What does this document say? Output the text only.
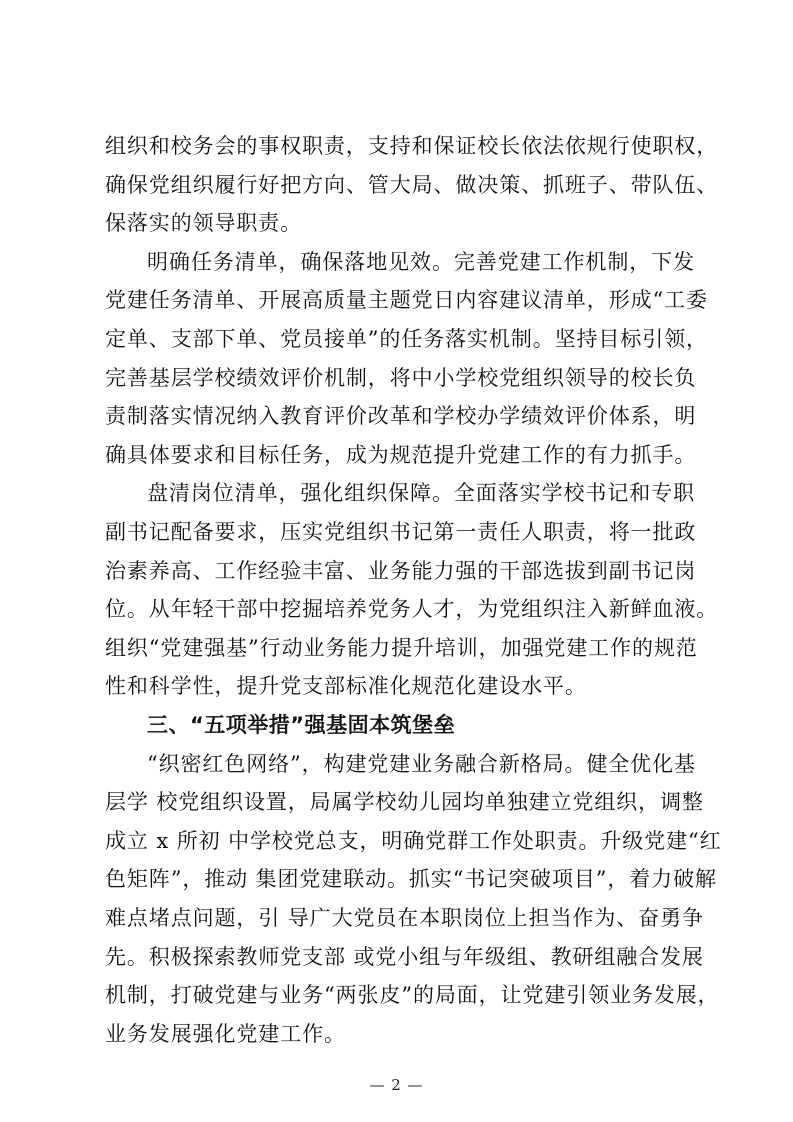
组织和校务会的事权职责，支持和保证校长依法依规行使职权，
确保党组织履行好把方向、管大局、做决策、抓班子、带队伍、
保落实的领导职责。
明确任务清单，确保落地见效。完善党建工作机制，下发
党建任务清单、开展高质量主题党日内容建议清单，形成“工委
定单、支部下单、党员接单”的任务落实机制。坚持目标引领，
完善基层学校绩效评价机制，将中小学校党组织领导的校长负
责制落实情况纳入教育评价改革和学校办学绩效评价体系，明
确具体要求和目标任务，成为规范提升党建工作的有力抓手。
盘清岗位清单，强化组织保障。全面落实学校书记和专职
副书记配备要求，压实党组织书记第一责任人职责，将一批政
治素养高、工作经验丰富、业务能力强的干部选拔到副书记岗
位。从年轻干部中挖掘培养党务人才，为党组织注入新鲜血液。
组织“党建强基”行动业务能力提升培训，加强党建工作的规范
性和科学性，提升党支部标准化规范化建设水平。
三、“五项举措”强基固本筑堡垒
“织密红色网络”，构建党建业务融合新格局。健全优化基
层学 校党组织设置，局属学校幼儿园均单独建立党组织，调整
成立 x 所初 中学校党总支，明确党群工作处职责。升级党建“红
色矩阵”，推动 集团党建联动。抓实“书记突破项目”，着力破解
难点堵点问题，引 导广大党员在本职岗位上担当作为、奋勇争
先。积极探索教师党支部 或党小组与年级组、教研组融合发展
机制，打破党建与业务“两张皮”的局面，让党建引领业务发展，
业务发展强化党建工作。
— 2 —
